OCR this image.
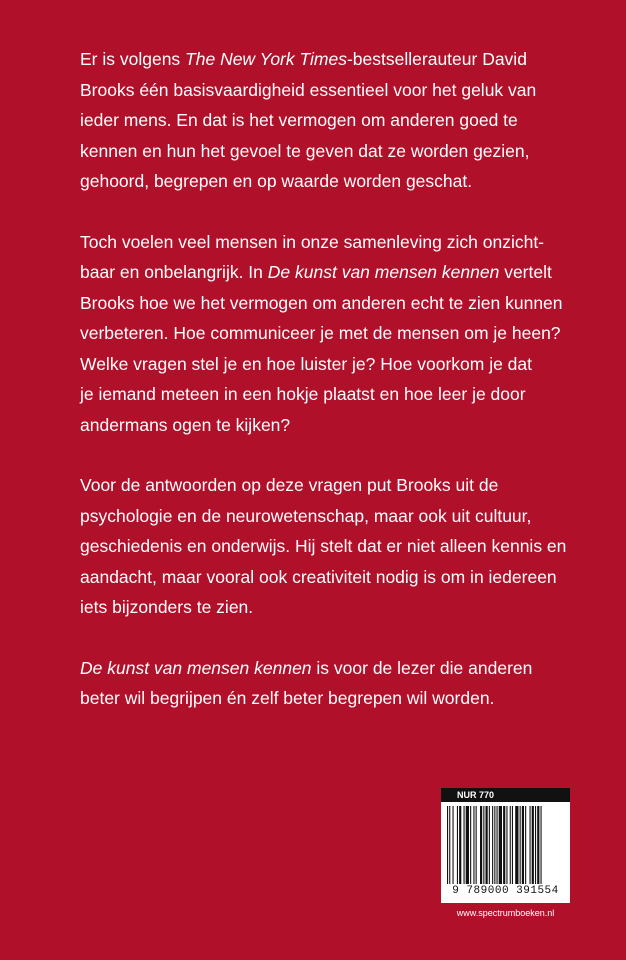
Er is volgens The New York Times-bestsellerauteur David
Brooks één basisvaardigheid essentieel voor het geluk van
ieder mens. En dat is het vermogen om anderen goed te
kennen en hun het gevoel te geven dat ze worden gezien,
gehoord, begrepen en op waarde worden geschat.

Toch voelen veel mensen in onze samenleving zich onzicht-
baar en onbelangrijk. In De kunst van mensen kennen vertelt
Brooks hoe we het vermogen om anderen echt te zien kunnen
verbeteren. Hoe communiceer je met de mensen om je heen?
Welke vragen stel je en hoe luister je? Hoe voorkom je dat
je iemand meteen in een hokje plaatst en hoe leer je door
andermans ogen te kijken?

Voor de antwoorden op deze vragen put Brooks uit de
psychologie en de neurowetenschap, maar ook uit cultuur,
geschiedenis en onderwijs. Hij stelt dat er niet alleen kennis en
aandacht, maar vooral ook creativiteit nodig is om in iedereen
iets bijzonders te zien.

De kunst van mensen kennen is voor de lezer die anderen
beter wil begrijpen én zelf beter begrepen wil worden.

NUR 770
9 789000 391554
www.spectrumboeken.nl
